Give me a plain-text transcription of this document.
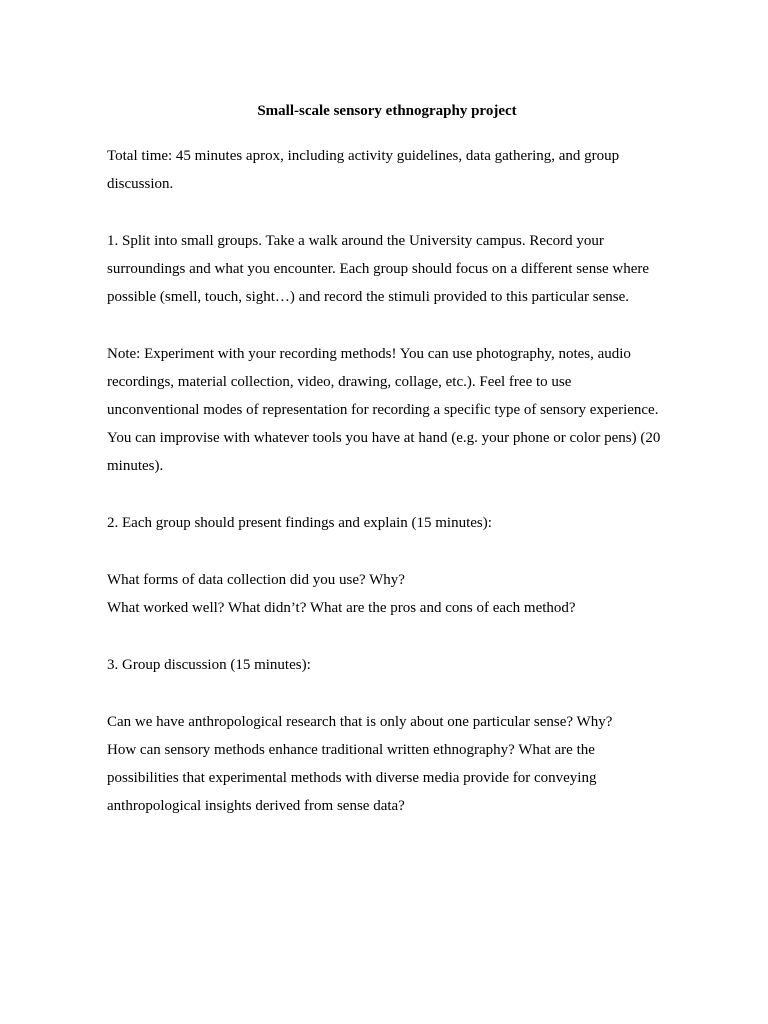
Small-scale sensory ethnography project

Total time: 45 minutes aprox, including activity guidelines, data gathering, and group discussion.

1. Split into small groups. Take a walk around the University campus. Record your surroundings and what you encounter. Each group should focus on a different sense where possible (smell, touch, sight…) and record the stimuli provided to this particular sense.

Note: Experiment with your recording methods! You can use photography, notes, audio recordings, material collection, video, drawing, collage, etc.). Feel free to use unconventional modes of representation for recording a specific type of sensory experience. You can improvise with whatever tools you have at hand (e.g. your phone or color pens) (20 minutes).

2. Each group should present findings and explain (15 minutes):

What forms of data collection did you use? Why?
What worked well? What didn’t? What are the pros and cons of each method?

3. Group discussion (15 minutes):

Can we have anthropological research that is only about one particular sense? Why?
How can sensory methods enhance traditional written ethnography? What are the possibilities that experimental methods with diverse media provide for conveying anthropological insights derived from sense data?
